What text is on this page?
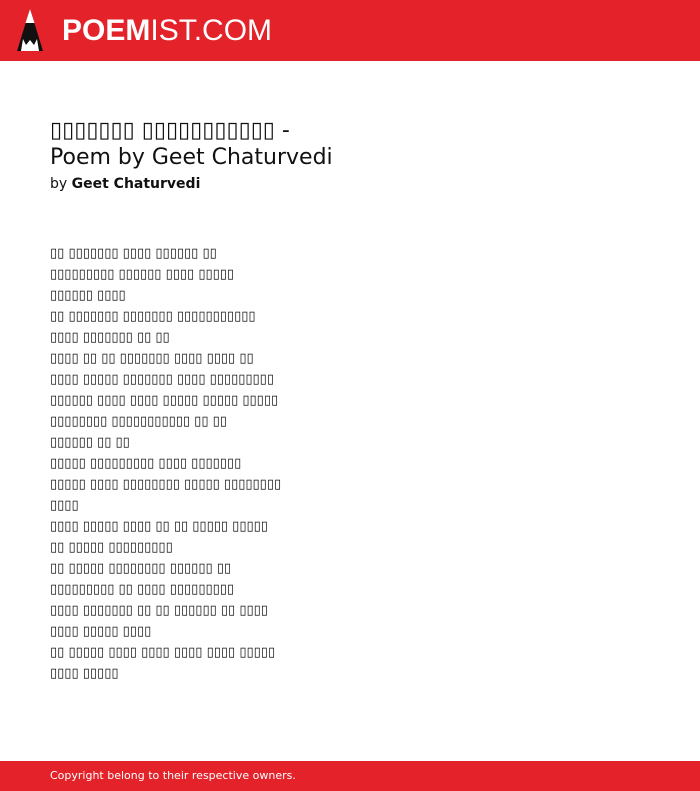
POEMIST.COM
▯▯▯▯▯▯▯ ▯▯▯▯▯▯▯▯▯▯▯ -
Poem by Geet Chaturvedi
by Geet Chaturvedi
▯▯ ▯▯▯▯▯▯▯ ▯▯▯▯ ▯▯▯▯▯▯ ▯▯
▯▯▯▯▯▯▯▯▯ ▯▯▯▯▯▯ ▯▯▯▯ ▯▯▯▯▯
▯▯▯▯▯▯ ▯▯▯▯
▯▯ ▯▯▯▯▯▯▯ ▯▯▯▯▯▯▯ ▯▯▯▯▯▯▯▯▯▯▯
▯▯▯▯ ▯▯▯▯▯▯▯ ▯▯ ▯▯
▯▯▯▯ ▯▯ ▯▯ ▯▯▯▯▯▯▯ ▯▯▯▯ ▯▯▯▯ ▯▯
▯▯▯▯ ▯▯▯▯▯ ▯▯▯▯▯▯▯ ▯▯▯▯ ▯▯▯▯▯▯▯▯▯
▯▯▯▯▯▯ ▯▯▯▯ ▯▯▯▯ ▯▯▯▯▯ ▯▯▯▯▯ ▯▯▯▯▯
▯▯▯▯▯▯▯▯ ▯▯▯▯▯▯▯▯▯▯▯ ▯▯ ▯▯
▯▯▯▯▯▯ ▯▯ ▯▯
▯▯▯▯▯ ▯▯▯▯▯▯▯▯▯ ▯▯▯▯ ▯▯▯▯▯▯▯
▯▯▯▯▯ ▯▯▯▯ ▯▯▯▯▯▯▯▯ ▯▯▯▯▯ ▯▯▯▯▯▯▯▯
▯▯▯▯
▯▯▯▯ ▯▯▯▯▯ ▯▯▯▯ ▯▯ ▯▯ ▯▯▯▯▯ ▯▯▯▯▯
▯▯ ▯▯▯▯▯ ▯▯▯▯▯▯▯▯▯
▯▯ ▯▯▯▯▯ ▯▯▯▯▯▯▯▯ ▯▯▯▯▯▯ ▯▯
▯▯▯▯▯▯▯▯▯ ▯▯ ▯▯▯▯ ▯▯▯▯▯▯▯▯▯
▯▯▯▯ ▯▯▯▯▯▯▯ ▯▯ ▯▯ ▯▯▯▯▯▯ ▯▯ ▯▯▯▯
▯▯▯▯ ▯▯▯▯▯ ▯▯▯▯
▯▯ ▯▯▯▯▯ ▯▯▯▯ ▯▯▯▯ ▯▯▯▯ ▯▯▯▯ ▯▯▯▯▯
▯▯▯▯ ▯▯▯▯▯
Copyright belong to their respective owners.
